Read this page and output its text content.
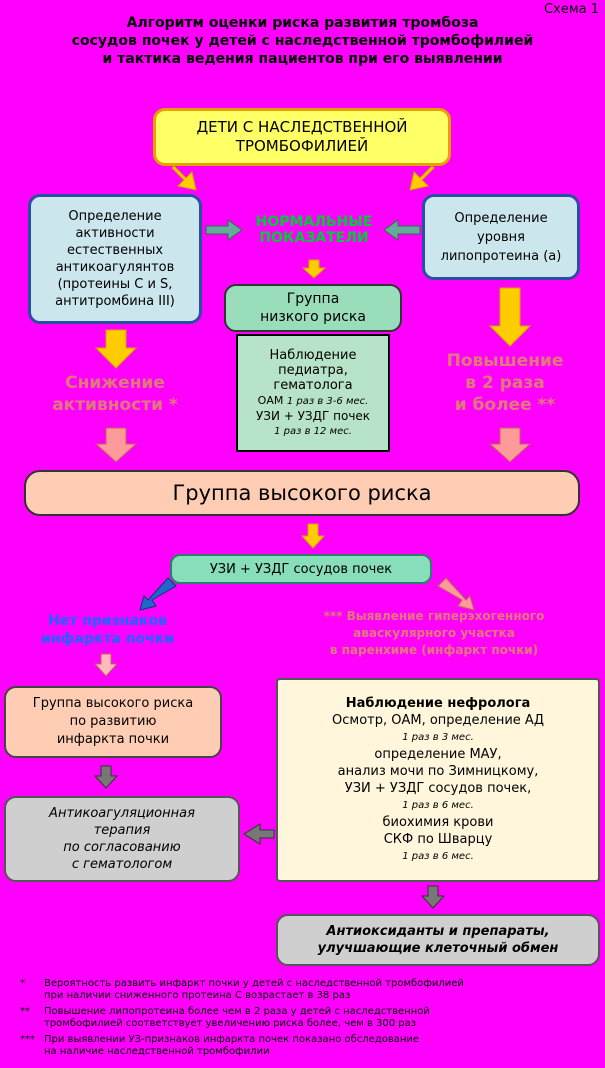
Схема 1
Алгоритм оценки риска развития тромбоза
сосудов почек у детей с наследственной тромбофилией
и тактика ведения пациентов при его выявлении
ДЕТИ С НАСЛЕДСТВЕННОЙ
ТРОМБОФИЛИЕЙ
Определение
активности
естественных
антикоагулянтов
(протеины С и S,
антитромбина III)
Определение
уровня
липопротеина (а)
НОРМАЛЬНЫЕ
ПОКАЗАТЕЛИ
Группа
низкого риска
Наблюдение
педиатра,
гематолога
ОАМ 1 раз в 3-6 мес.
УЗИ + УЗДГ почек
1 раз в 12 мес.
Снижение
активности *
Повышение
в 2 раза
и более **
Группа высокого риска
УЗИ + УЗДГ сосудов почек
Нет признаков
инфаркта почки
*** Выявление гиперэхогенного
аваскулярного участка
в паренхиме (инфаркт почки)
Группа высокого риска
по развитию
инфаркта почки
Наблюдение нефролога
Осмотр, ОАМ, определение АД
1 раз в 3 мес.
определение МАУ,
анализ мочи по Зимницкому,
УЗИ + УЗДГ сосудов почек,
1 раз в 6 мес.
биохимия крови
СКФ по Шварцу
1 раз в 6 мес.
Антикоагуляционная
терапия
по согласованию
с гематологом
Антиоксиданты и препараты,
улучшающие клеточный обмен
*	Вероятность развить инфаркт почки у детей с наследственной тромбофилией
при наличии сниженного протеина С возрастает в 38 раз
**	Повышение липопротеина более чем в 2 раза у детей с наследственной
тромбофилией соответствует увеличению риска более, чем в 300 раз
*** При выявлении УЗ-признаков инфаркта почек показано обследование
на наличие наследственной тромбофилии
